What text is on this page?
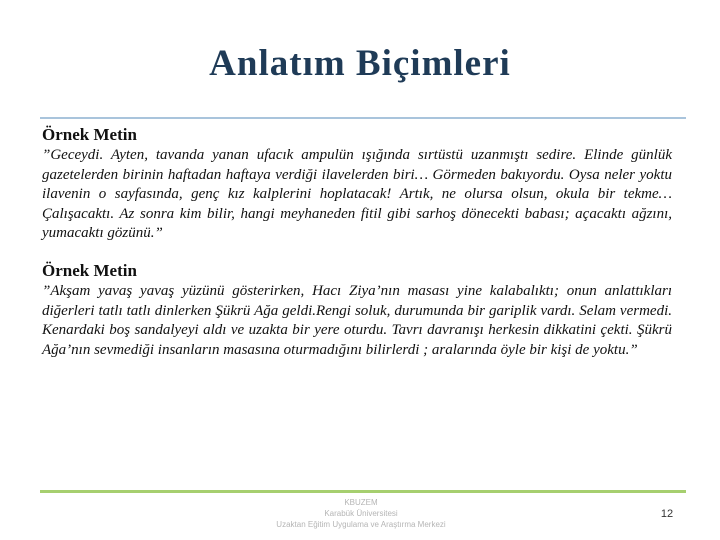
Anlatım Biçimleri

Örnek Metin

”Geceydi. Ayten, tavanda yanan ufacık ampulün ışığında sırtüstü uzanmıştı sedire. Elinde günlük gazetelerden birinin haftadan haftaya verdiği ilavelerden biri… Görmeden bakıyordu. Oysa neler yoktu ilavenin o sayfasında, genç kız kalplerini hoplatacak! Artık, ne olursa olsun, okula bir tekme… Çalışacaktı. Az sonra kim bilir, hangi meyhaneden fitil gibi sarhoş dönecekti babası; açacaktı ağzını, yumacaktı gözünü.”

Örnek Metin

”Akşam yavaş yavaş yüzünü gösterirken, Hacı Ziya’nın masası yine kalabalıktı; onun anlattıkları diğerleri tatlı tatlı dinlerken Şükrü Ağa geldi.Rengi soluk, durumunda bir gariplik vardı. Selam vermedi. Kenardaki boş sandalyeyi aldı ve uzakta bir yere oturdu. Tavrı davranışı herkesin dikkatini çekti. Şükrü Ağa’nın sevmediği insanların masasına oturmadığını bilirlerdi ; aralarında öyle bir kişi de yoktu.”

KBUZEM
Karabük Üniversitesi
Uzaktan Eğitim Uygulama ve Araştırma Merkezi
12
